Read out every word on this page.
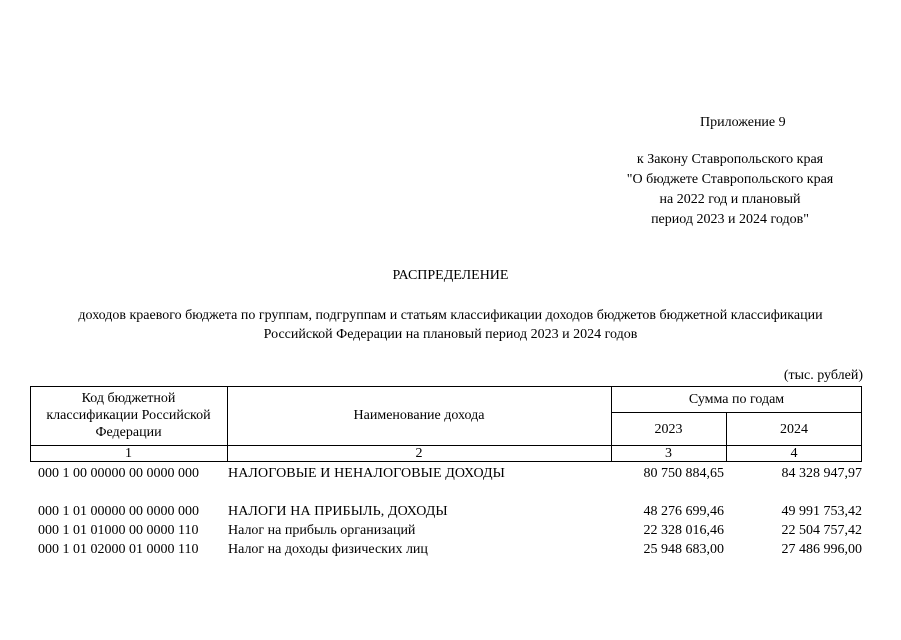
Приложение 9
к Закону Ставропольского края
"О бюджете Ставропольского края
на 2022 год и плановый
период 2023 и 2024 годов"
РАСПРЕДЕЛЕНИЕ
доходов краевого бюджета по группам, подгруппам и статьям классификации доходов бюджетов бюджетной классификации
Российской Федерации на плановый период 2023 и 2024 годов
(тыс. рублей)
Код бюджетной
классификации Российской
Федерации
Наименование дохода
Сумма по годам
2023	2024
1	2	3	4
000 1 00 00000 00 0000 000 НАЛОГОВЫЕ И НЕНАЛОГОВЫЕ ДОХОДЫ	80 750 884,65	84 328 947,97
000 1 01 00000 00 0000 000 НАЛОГИ НА ПРИБЫЛЬ, ДОХОДЫ	48 276 699,46	49 991 753,42
000 1 01 01000 00 0000 110 Налог на прибыль организаций	22 328 016,46	22 504 757,42
000 1 01 02000 01 0000 110 Налог на доходы физических лиц	25 948 683,00	27 486 996,00
